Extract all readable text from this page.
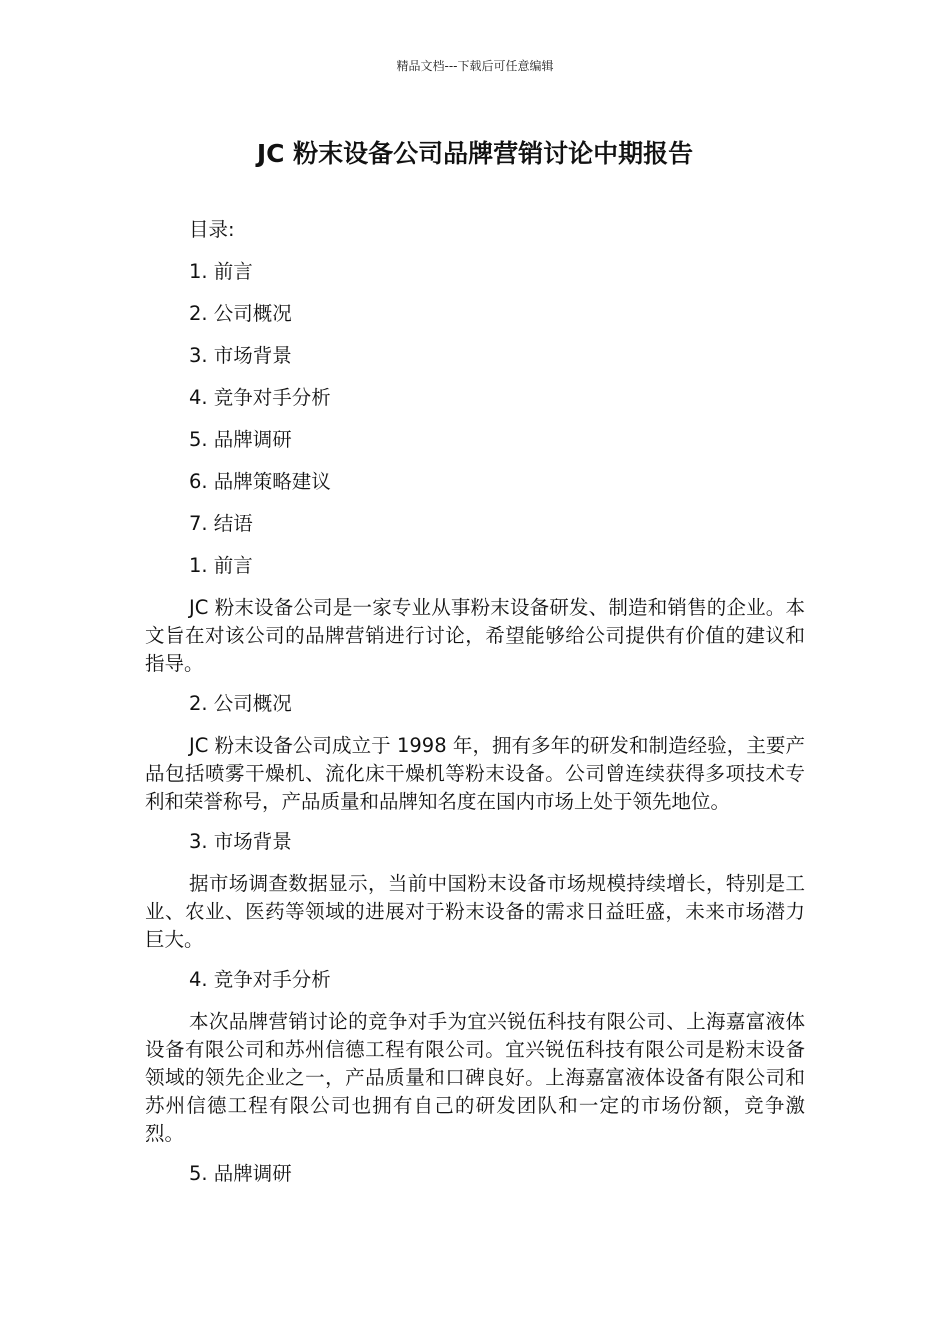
精品文档---下载后可任意编辑
JC 粉末设备公司品牌营销讨论中期报告

目录:

1. 前言

2. 公司概况

3. 市场背景

4. 竞争对手分析

5. 品牌调研

6. 品牌策略建议

7. 结语

1. 前言

JC 粉末设备公司是一家专业从事粉末设备研发、制造和销售的企业。本文旨在对该公司的品牌营销进行讨论，希望能够给公司提供有价值的建议和指导。

2. 公司概况

JC 粉末设备公司成立于 1998 年，拥有多年的研发和制造经验，主要产品包括喷雾干燥机、流化床干燥机等粉末设备。公司曾连续获得多项技术专利和荣誉称号，产品质量和品牌知名度在国内市场上处于领先地位。

3. 市场背景

据市场调查数据显示，当前中国粉末设备市场规模持续增长，特别是工业、农业、医药等领域的进展对于粉末设备的需求日益旺盛，未来市场潜力巨大。

4. 竞争对手分析

本次品牌营销讨论的竞争对手为宜兴锐伍科技有限公司、上海嘉富液体设备有限公司和苏州信德工程有限公司。宜兴锐伍科技有限公司是粉末设备领域的领先企业之一，产品质量和口碑良好。上海嘉富液体设备有限公司和苏州信德工程有限公司也拥有自己的研发团队和一定的市场份额，竞争激烈。

5. 品牌调研
